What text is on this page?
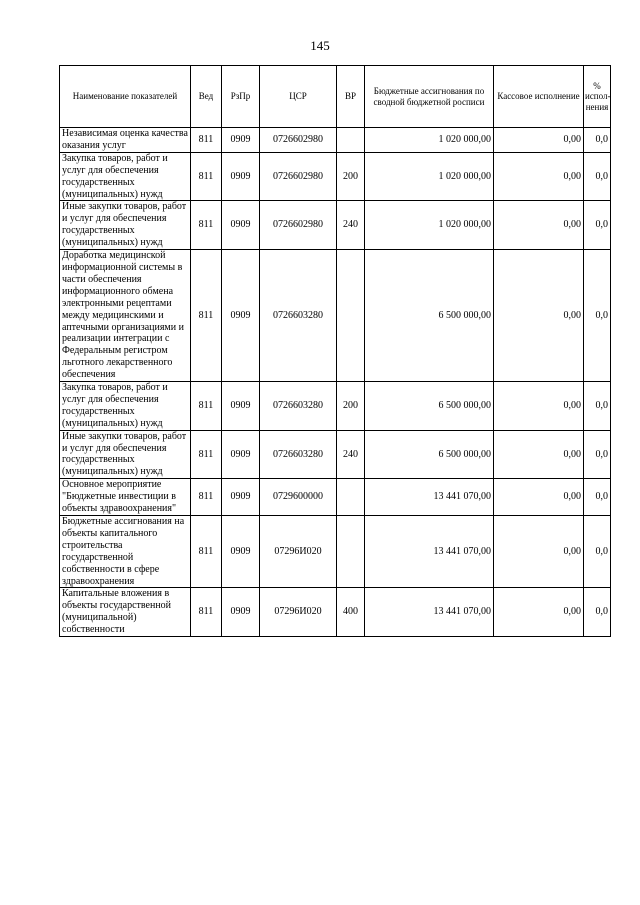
145
Наименование показателей	Вед	РзПр	ЦСР	ВР	Бюджетные ассигнования по сводной бюджетной росписи	Кассовое исполнение	% испол-нения
Независимая оценка качества оказания услуг	811	0909	0726602980		1 020 000,00	0,00	0,0
Закупка товаров, работ и услуг для обеспечения государственных (муниципальных) нужд	811	0909	0726602980	200	1 020 000,00	0,00	0,0
Иные закупки товаров, работ и услуг для обеспечения государственных (муниципальных) нужд	811	0909	0726602980	240	1 020 000,00	0,00	0,0
Доработка медицинской информационной системы в части обеспечения информационного обмена электронными рецептами между медицинскими и аптечными организациями и реализации интеграции с Федеральным регистром льготного лекарственного обеспечения	811	0909	0726603280		6 500 000,00	0,00	0,0
Закупка товаров, работ и услуг для обеспечения государственных (муниципальных) нужд	811	0909	0726603280	200	6 500 000,00	0,00	0,0
Иные закупки товаров, работ и услуг для обеспечения государственных (муниципальных) нужд	811	0909	0726603280	240	6 500 000,00	0,00	0,0
Основное мероприятие "Бюджетные инвестиции в объекты здравоохранения"	811	0909	0729600000		13 441 070,00	0,00	0,0
Бюджетные ассигнования на объекты капитального строительства государственной собственности в сфере здравоохранения	811	0909	07296И020		13 441 070,00	0,00	0,0
Капитальные вложения в объекты государственной (муниципальной) собственности	811	0909	07296И020	400	13 441 070,00	0,00	0,0
